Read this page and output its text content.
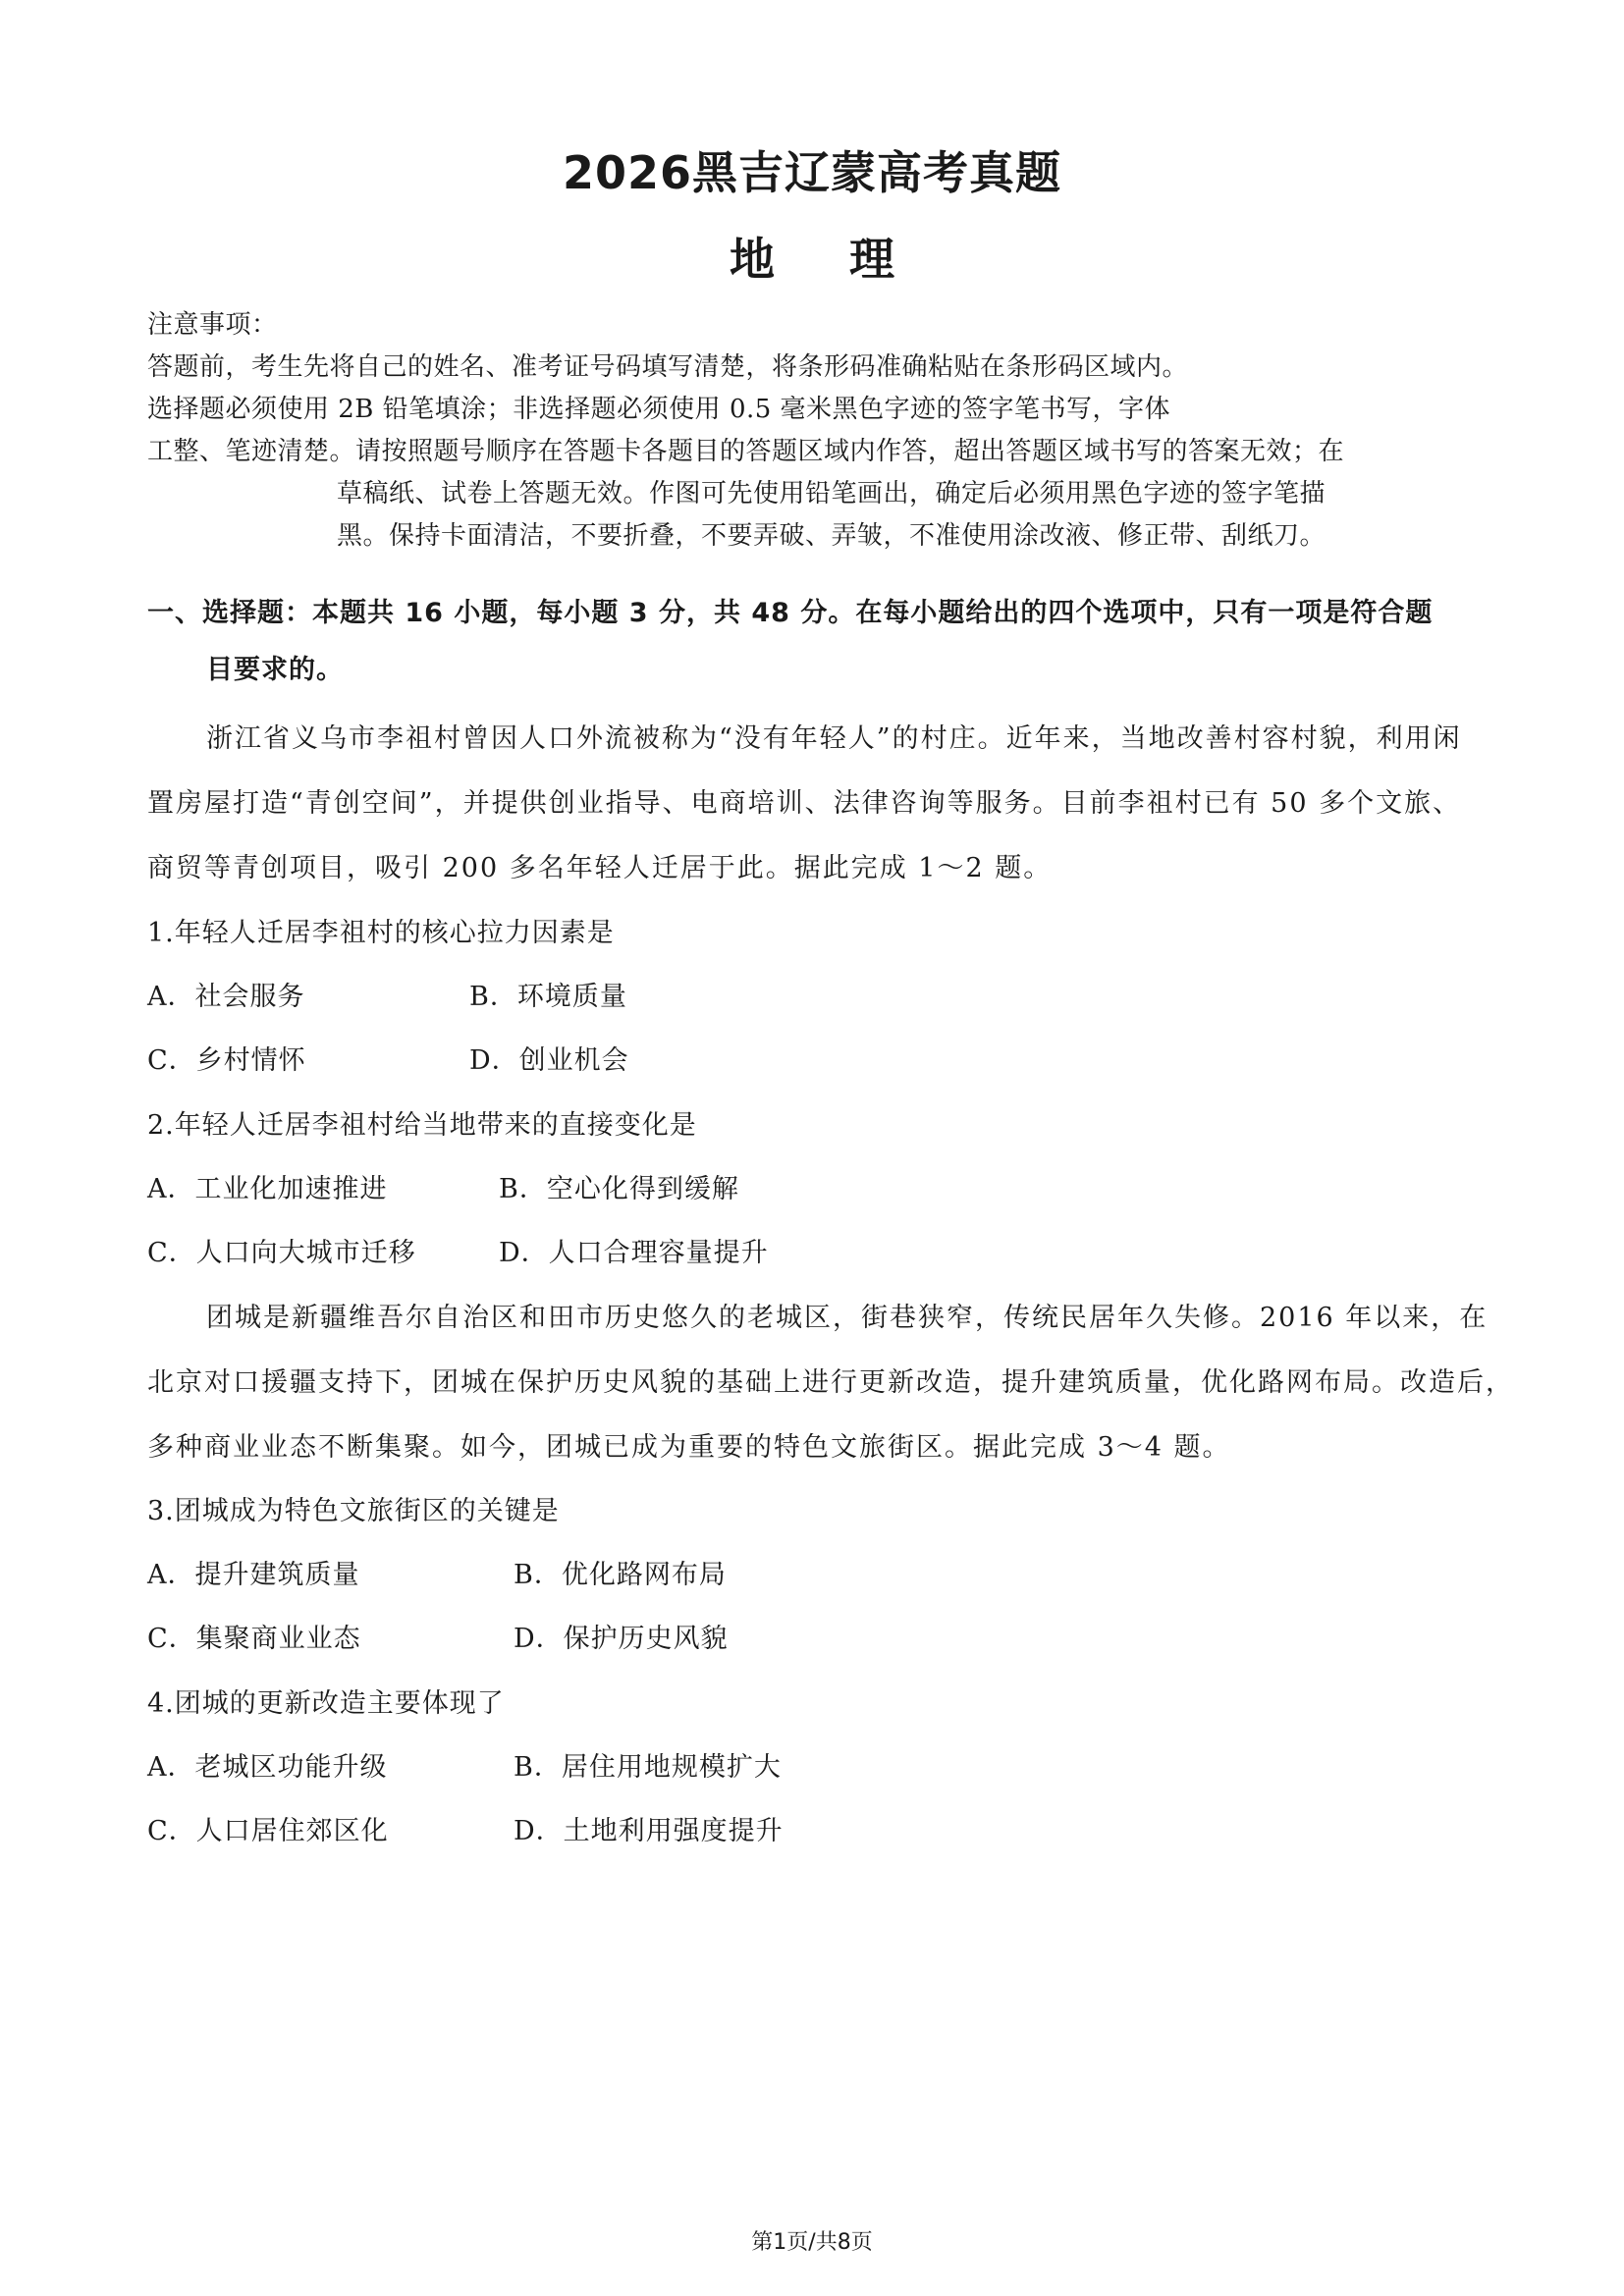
2026黑吉辽蒙高考真题
地 理
注意事项：
答题前，考生先将自己的姓名、准考证号码填写清楚，将条形码准确粘贴在条形码区域内。
选择题必须使用 2B 铅笔填涂；非选择题必须使用 0.5 毫米黑色字迹的签字笔书写，字体
工整、笔迹清楚。请按照题号顺序在答题卡各题目的答题区域内作答，超出答题区域书写的答案无效；在
草稿纸、试卷上答题无效。作图可先使用铅笔画出，确定后必须用黑色字迹的签字笔描
黑。保持卡面清洁，不要折叠，不要弄破、弄皱，不准使用涂改液、修正带、刮纸刀。
一、选择题：本题共 16 小题，每小题 3 分，共 48 分。在每小题给出的四个选项中，只有一项是符合题
目要求的。
浙江省义乌市李祖村曾因人口外流被称为“没有年轻人”的村庄。近年来，当地改善村容村貌，利用闲
置房屋打造“青创空间”，并提供创业指导、电商培训、法律咨询等服务。目前李祖村已有 50 多个文旅、
商贸等青创项目，吸引 200 多名年轻人迁居于此。据此完成 1～2 题。
1.年轻人迁居李祖村的核心拉力因素是
A．社会服务	B．环境质量
C．乡村情怀	D．创业机会
2.年轻人迁居李祖村给当地带来的直接变化是
A．工业化加速推进	B．空心化得到缓解
C．人口向大城市迁移	D．人口合理容量提升
团城是新疆维吾尔自治区和田市历史悠久的老城区，街巷狭窄，传统民居年久失修。2016 年以来，在
北京对口援疆支持下，团城在保护历史风貌的基础上进行更新改造，提升建筑质量，优化路网布局。改造后，
多种商业业态不断集聚。如今，团城已成为重要的特色文旅街区。据此完成 3～4 题。
3.团城成为特色文旅街区的关键是
A．提升建筑质量	B．优化路网布局
C．集聚商业业态	D．保护历史风貌
4.团城的更新改造主要体现了
A．老城区功能升级	B．居住用地规模扩大
C．人口居住郊区化	D．土地利用强度提升
第1页/共8页
